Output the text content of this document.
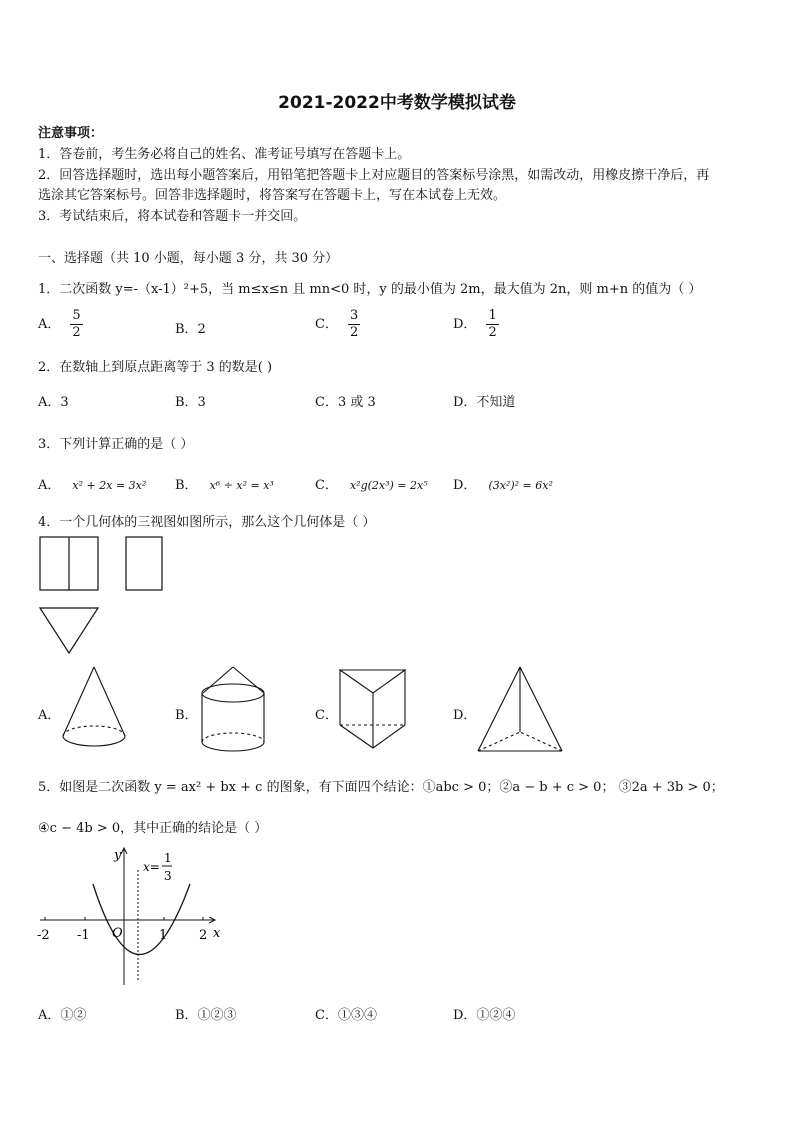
2021-2022中考数学模拟试卷
注意事项：
1．答卷前，考生务必将自己的姓名、准考证号填写在答题卡上。
2．回答选择题时，选出每小题答案后，用铅笔把答题卡上对应题目的答案标号涂黑，如需改动，用橡皮擦干净后，再
选涂其它答案标号。回答非选择题时，将答案写在答题卡上，写在本试卷上无效。
3．考试结束后，将本试卷和答题卡一并交回。
一、选择题（共 10 小题，每小题 3 分，共 30 分）
1．二次函数 y=-（x-1）²+5，当 m≤x≤n 且 mn<0 时，y 的最小值为 2m，最大值为 2n，则 m+n 的值为（ ）
A． $\frac{5}{2}$	B．2	C． $\frac{3}{2}$	D． $\frac{1}{2}$
2．在数轴上到原点距离等于 3 的数是( )
A．3	B．3	C．3 或 3	D．不知道
3．下列计算正确的是（ ）
A． x² + 2x = 3x² B． x⁶ ÷ x² = x³	C． x²g(2x³) = 2x⁵ D． (3x²)² = 6x²
4．一个几何体的三视图如图所示，那么这个几何体是（ ）
A．	B．	C．	D．
5．如图是二次函数 y = ax² + bx + c 的图象，有下面四个结论：①abc > 0；②a − b + c > 0； ③2a + 3b > 0；
④c − 4b > 0，其中正确的结论是（ ）
-2 -1	1 2
O
y
x
x=
1
3
A．①②	B．①②③	C．①③④	D．①②④
